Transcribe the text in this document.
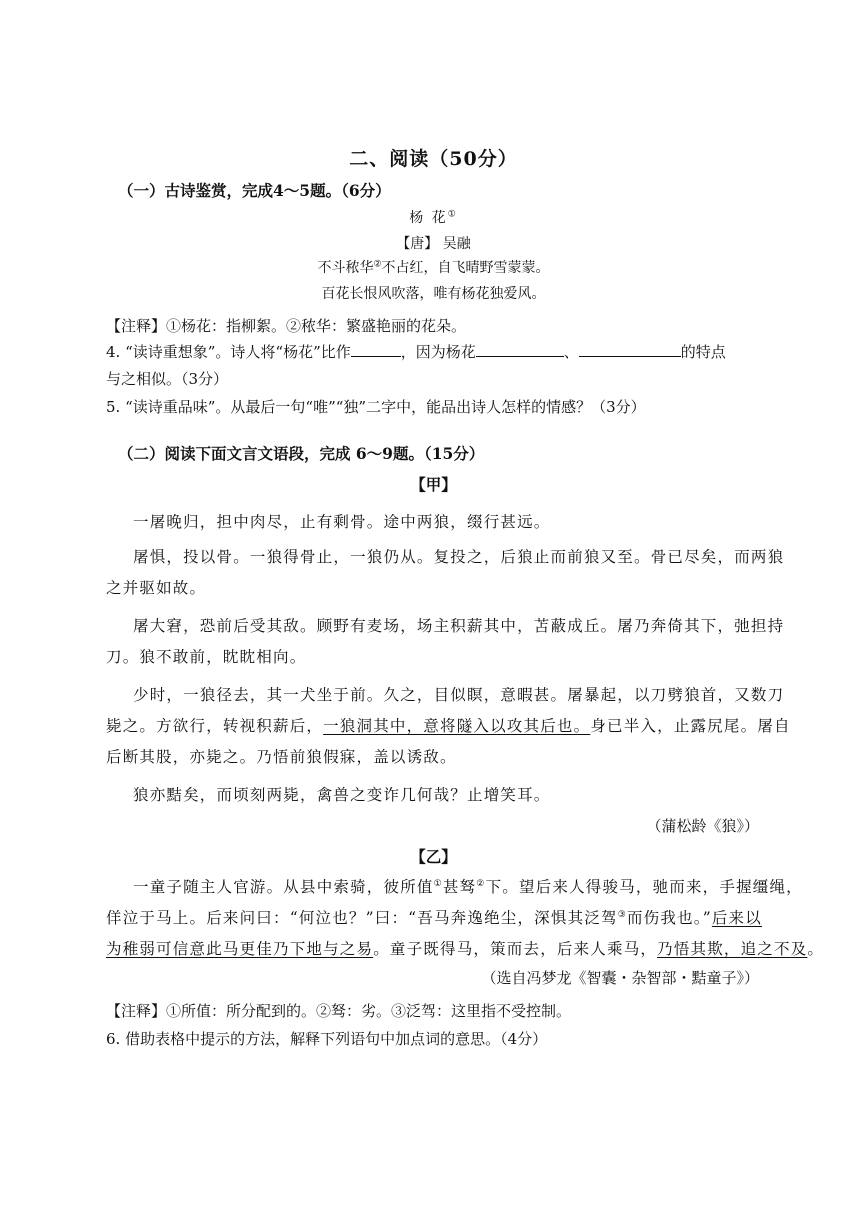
二、阅读（50分）
（一）古诗鉴赏，完成4～5题。（6分）
杨 花①
【唐】 吴融
不斗秾华②不占红，自飞晴野雪蒙蒙。
百花长恨风吹落，唯有杨花独爱风。
【注释】①杨花：指柳絮。②秾华：繁盛艳丽的花朵。
4. “读诗重想象”。诗人将“杨花”比作	，因为杨花	、	的特点
与之相似。（3分）
5. “读诗重品味”。从最后一句“唯”“独”二字中，能品出诗人怎样的情感？（3分）
（二）阅读下面文言文语段，完成 6～9题。（15分）
【甲】
一屠晚归，担中肉尽，止有剩骨。途中两狼，缀行甚远。
屠惧，投以骨。一狼得骨止，一狼仍从。复投之，后狼止而前狼又至。骨已尽矣，而两狼
之并驱如故。
屠大窘，恐前后受其敌。顾野有麦场，场主积薪其中，苫蔽成丘。屠乃奔倚其下，弛担持
刀。狼不敢前，眈眈相向。
少时，一狼径去，其一犬坐于前。久之，目似瞑，意暇甚。屠暴起，以刀劈狼首，又数刀
毙之。方欲行，转视积薪后，一狼洞其中，意将隧入以攻其后也。身已半入，止露尻尾。屠自
后断其股，亦毙之。乃悟前狼假寐，盖以诱敌。
狼亦黠矣，而顷刻两毙，禽兽之变诈几何哉？止增笑耳。
（蒲松龄《狼》）
【乙】
一童子随主人官游。从县中索骑，彼所值①甚驽②下。望后来人得骏马，驰而来，手握缰绳，
佯泣于马上。后来问曰：“何泣也？”曰：“吾马奔逸绝尘，深惧其泛驾③而伤我也。”后来以
为稚弱可信意此马更佳乃下地与之易。童子既得马，策而去，后来人乘马，乃悟其欺，追之不及。
（选自冯梦龙《智囊・杂智部・黠童子》）
【注释】①所值：所分配到的。②驽：劣。③泛驾：这里指不受控制。
6. 借助表格中提示的方法，解释下列语句中加点词的意思。（4分）
